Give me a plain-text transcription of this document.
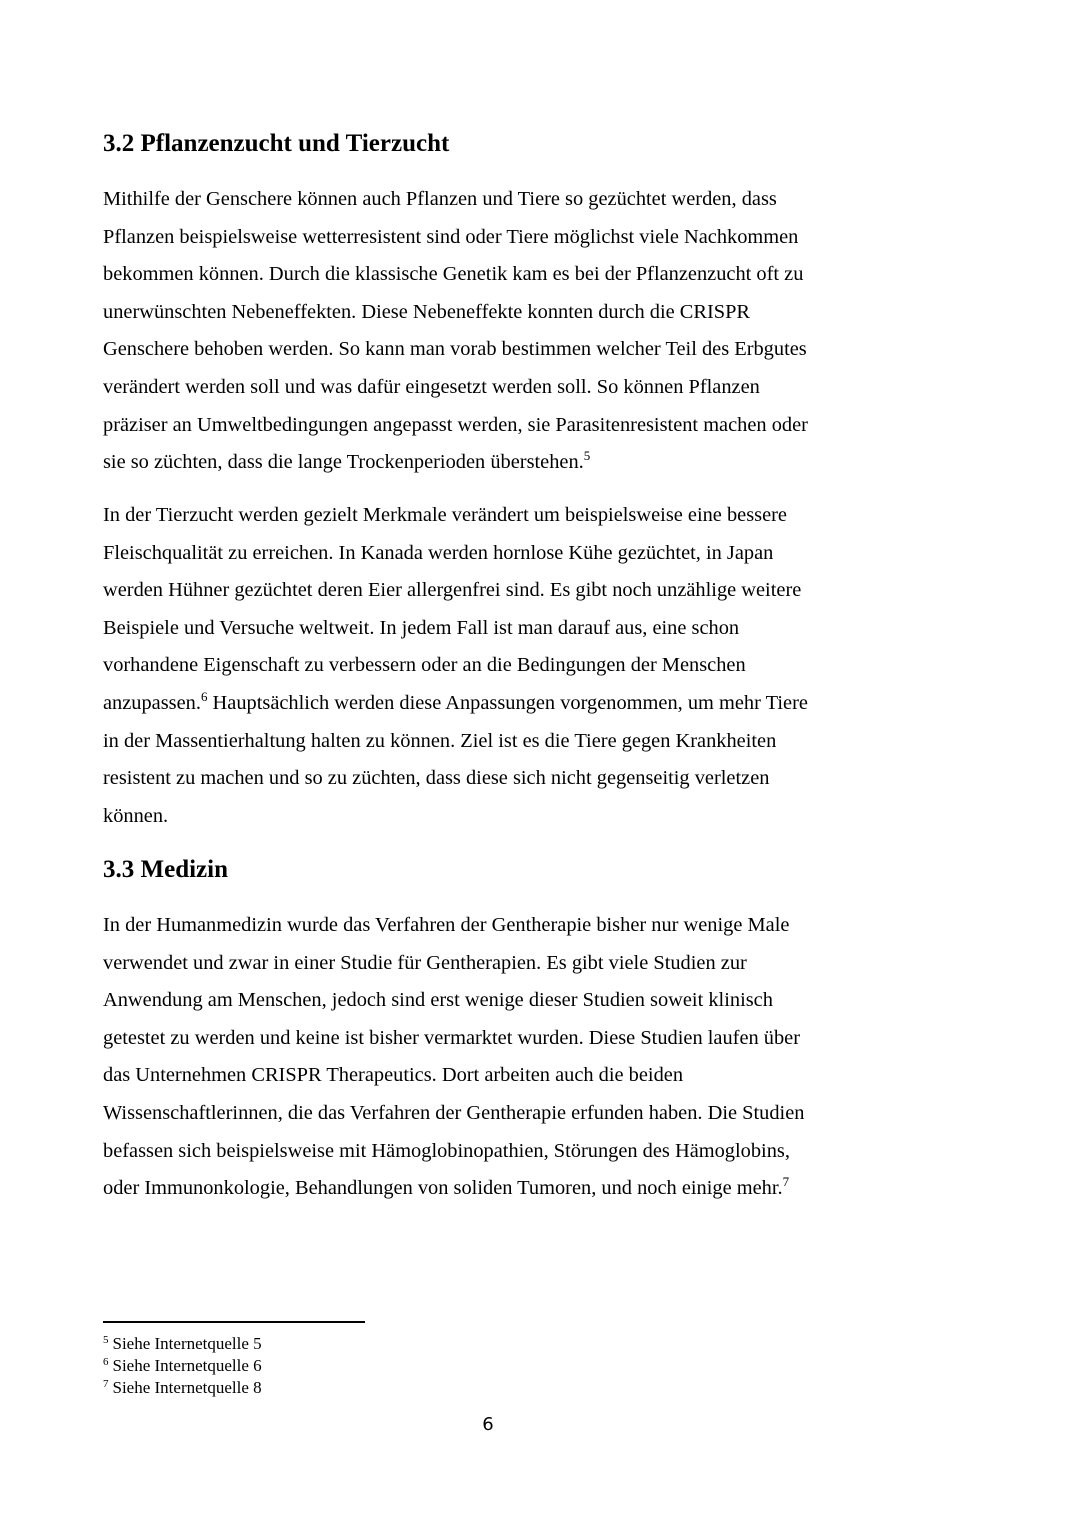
3.2 Pflanzenzucht und Tierzucht

Mithilfe der Genschere können auch Pflanzen und Tiere so gezüchtet werden, dass
Pflanzen beispielsweise wetterresistent sind oder Tiere möglichst viele Nachkommen
bekommen können. Durch die klassische Genetik kam es bei der Pflanzenzucht oft zu
unerwünschten Nebeneffekten. Diese Nebeneffekte konnten durch die CRISPR
Genschere behoben werden. So kann man vorab bestimmen welcher Teil des Erbgutes
verändert werden soll und was dafür eingesetzt werden soll. So können Pflanzen
präziser an Umweltbedingungen angepasst werden, sie Parasitenresistent machen oder
sie so züchten, dass die lange Trockenperioden überstehen.$^5$

In der Tierzucht werden gezielt Merkmale verändert um beispielsweise eine bessere
Fleischqualität zu erreichen. In Kanada werden hornlose Kühe gezüchtet, in Japan
werden Hühner gezüchtet deren Eier allergenfrei sind. Es gibt noch unzählige weitere
Beispiele und Versuche weltweit. In jedem Fall ist man darauf aus, eine schon
vorhandene Eigenschaft zu verbessern oder an die Bedingungen der Menschen
anzupassen.$^6$ Hauptsächlich werden diese Anpassungen vorgenommen, um mehr Tiere
in der Massentierhaltung halten zu können. Ziel ist es die Tiere gegen Krankheiten
resistent zu machen und so zu züchten, dass diese sich nicht gegenseitig verletzen
können.

3.3 Medizin

In der Humanmedizin wurde das Verfahren der Gentherapie bisher nur wenige Male
verwendet und zwar in einer Studie für Gentherapien. Es gibt viele Studien zur
Anwendung am Menschen, jedoch sind erst wenige dieser Studien soweit klinisch
getestet zu werden und keine ist bisher vermarktet wurden. Diese Studien laufen über
das Unternehmen CRISPR Therapeutics. Dort arbeiten auch die beiden
Wissenschaftlerinnen, die das Verfahren der Gentherapie erfunden haben. Die Studien
befassen sich beispielsweise mit Hämoglobinopathien, Störungen des Hämoglobins,
oder Immunonkologie, Behandlungen von soliden Tumoren, und noch einige mehr.$^7$

$^5$ Siehe Internetquelle 5
$^6$ Siehe Internetquelle 6
$^7$ Siehe Internetquelle 8
6
